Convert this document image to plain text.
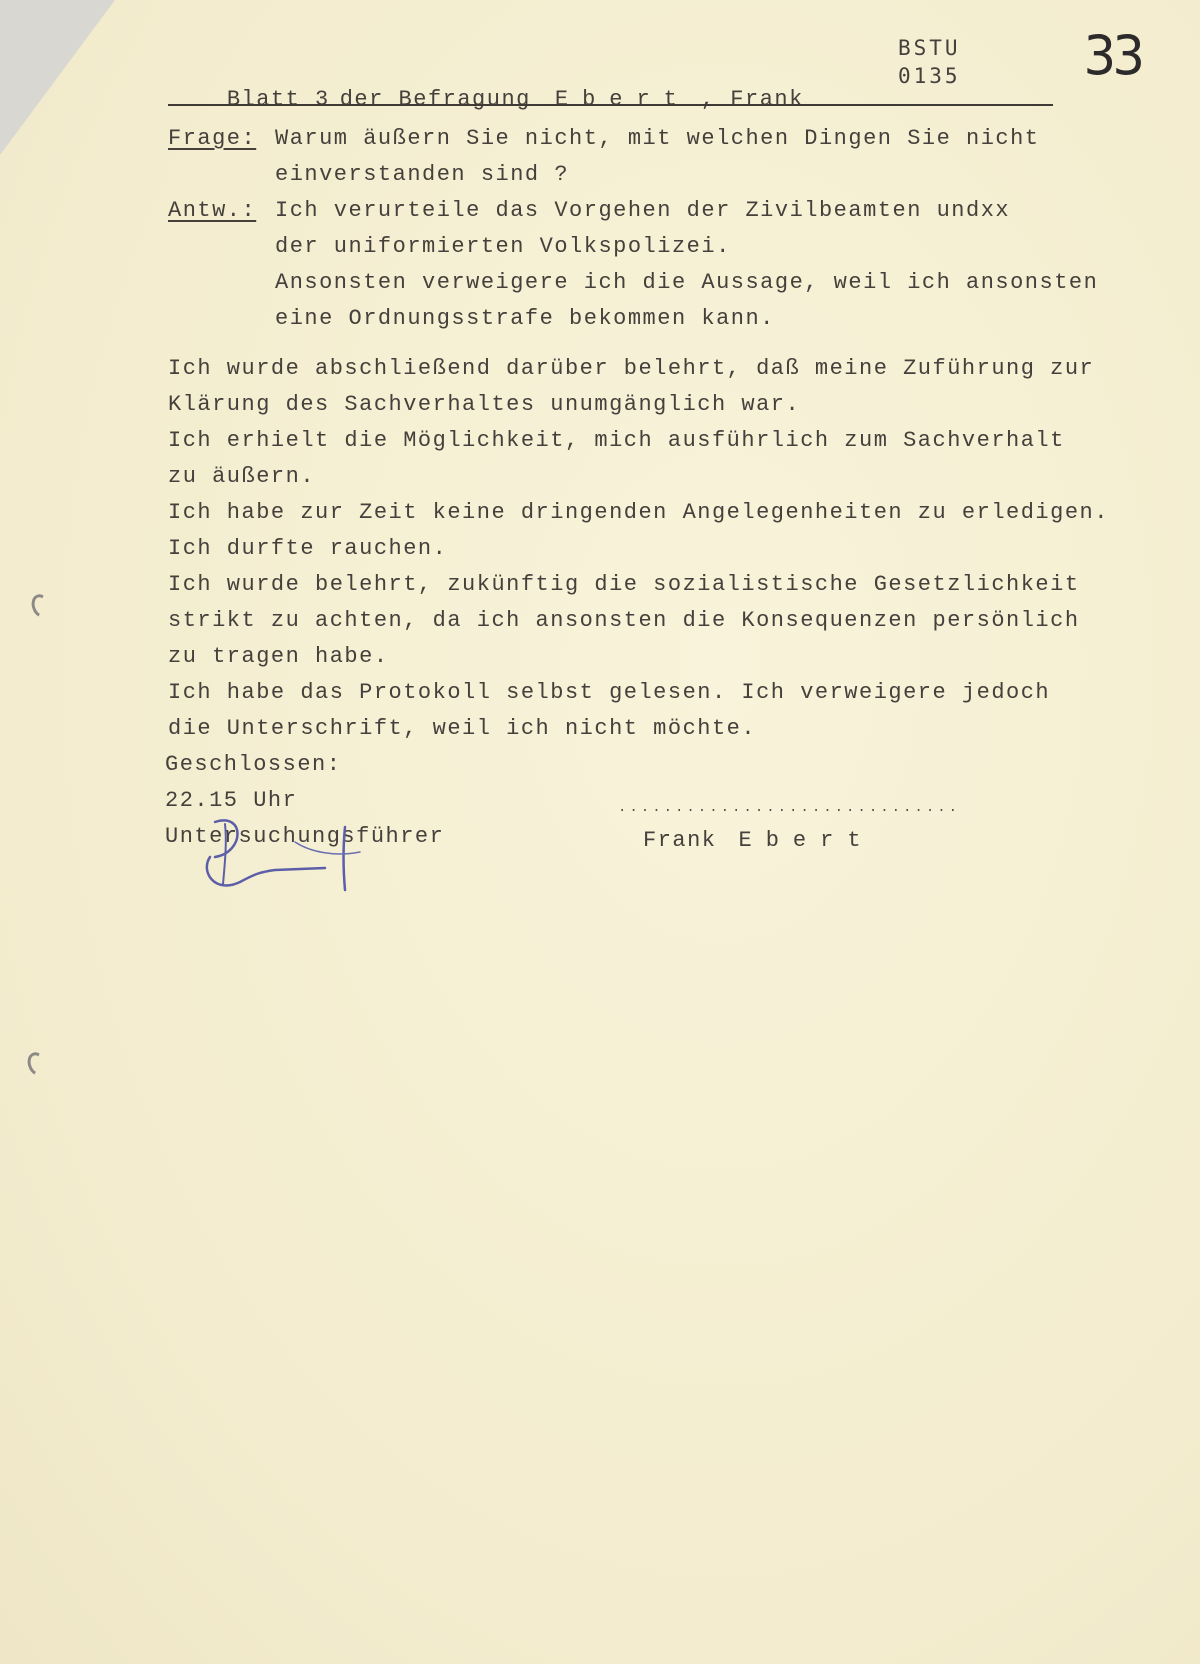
Blatt 3 der Befragung Ebert , Frank

BSTU
0135 33
Frage: Warum äußern Sie nicht, mit welchen Dingen Sie nicht
einverstanden sind ?
Antw.: Ich verurteile das Vorgehen der Zivilbeamten undxx
der uniformierten Volkspolizei.
Ansonsten verweigere ich die Aussage, weil ich ansonsten
eine Ordnungsstrafe bekommen kann.
Ich wurde abschließend darüber belehrt, daß meine Zuführung zur
Klärung des Sachverhaltes unumgänglich war.
Ich erhielt die Möglichkeit, mich ausführlich zum Sachverhalt
zu äußern.
Ich habe zur Zeit keine dringenden Angelegenheiten zu erledigen.
Ich durfte rauchen.
Ich wurde belehrt, zukünftig die sozialistische Gesetzlichkeit
strikt zu achten, da ich ansonsten die Konsequenzen persönlich
zu tragen habe.
Ich habe das Protokoll selbst gelesen. Ich verweigere jedoch
die Unterschrift, weil ich nicht möchte.
Geschlossen:
22.15 Uhr
Untersuchungsführer
..............................
Frank Ebert
